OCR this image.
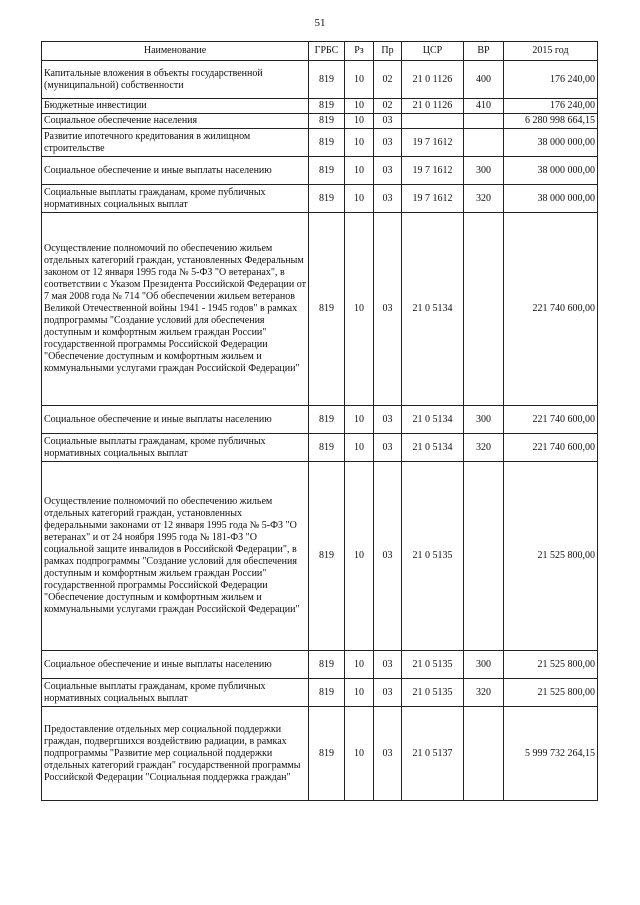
51
Наименование	ГРБС	Рз	Пр	ЦСР	ВР	2015 год
Капитальные вложения в объекты государственной (муниципальной) собственности	819	10	02	21 0 1126	400	176 240,00
Бюджетные инвестиции	819	10	02	21 0 1126	410	176 240,00
Социальное обеспечение населения	819	10	03			6 280 998 664,15
Развитие ипотечного кредитования в жилищном строительстве	819	10	03	19 7 1612		38 000 000,00
Социальное обеспечение и иные выплаты населению	819	10	03	19 7 1612	300	38 000 000,00
Социальные выплаты гражданам, кроме публичных нормативных социальных выплат	819	10	03	19 7 1612	320	38 000 000,00
Осуществление полномочий по обеспечению жильем отдельных категорий граждан, установленных Федеральным законом от 12 января 1995 года № 5-ФЗ "О ветеранах", в соответствии с Указом Президента Российской Федерации от 7 мая 2008 года № 714 "Об обеспечении жильем ветеранов Великой Отечественной войны 1941 - 1945 годов" в рамках подпрограммы "Создание условий для обеспечения доступным и комфортным жильем граждан России" государственной программы Российской Федерации "Обеспечение доступным и комфортным жильем и коммунальными услугами граждан Российской Федерации"	819	10	03	21 0 5134		221 740 600,00
Социальное обеспечение и иные выплаты населению	819	10	03	21 0 5134	300	221 740 600,00
Социальные выплаты гражданам, кроме публичных нормативных социальных выплат	819	10	03	21 0 5134	320	221 740 600,00
Осуществление полномочий по обеспечению жильем отдельных категорий граждан, установленных федеральными законами от 12 января 1995 года № 5-ФЗ "О ветеранах" и от 24 ноября 1995 года № 181-ФЗ "О социальной защите инвалидов в Российской Федерации", в рамках подпрограммы "Создание условий для обеспечения доступным и комфортным жильем граждан России" государственной программы Российской Федерации "Обеспечение доступным и комфортным жильем и коммунальными услугами граждан Российской Федерации"	819	10	03	21 0 5135		21 525 800,00
Социальное обеспечение и иные выплаты населению	819	10	03	21 0 5135	300	21 525 800,00
Социальные выплаты гражданам, кроме публичных нормативных социальных выплат	819	10	03	21 0 5135	320	21 525 800,00
Предоставление отдельных мер социальной поддержки граждан, подвергшихся воздействию радиации, в рамках подпрограммы "Развитие мер социальной поддержки отдельных категорий граждан" государственной программы Российской Федерации "Социальная поддержка граждан"	819	10	03	21 0 5137		5 999 732 264,15
